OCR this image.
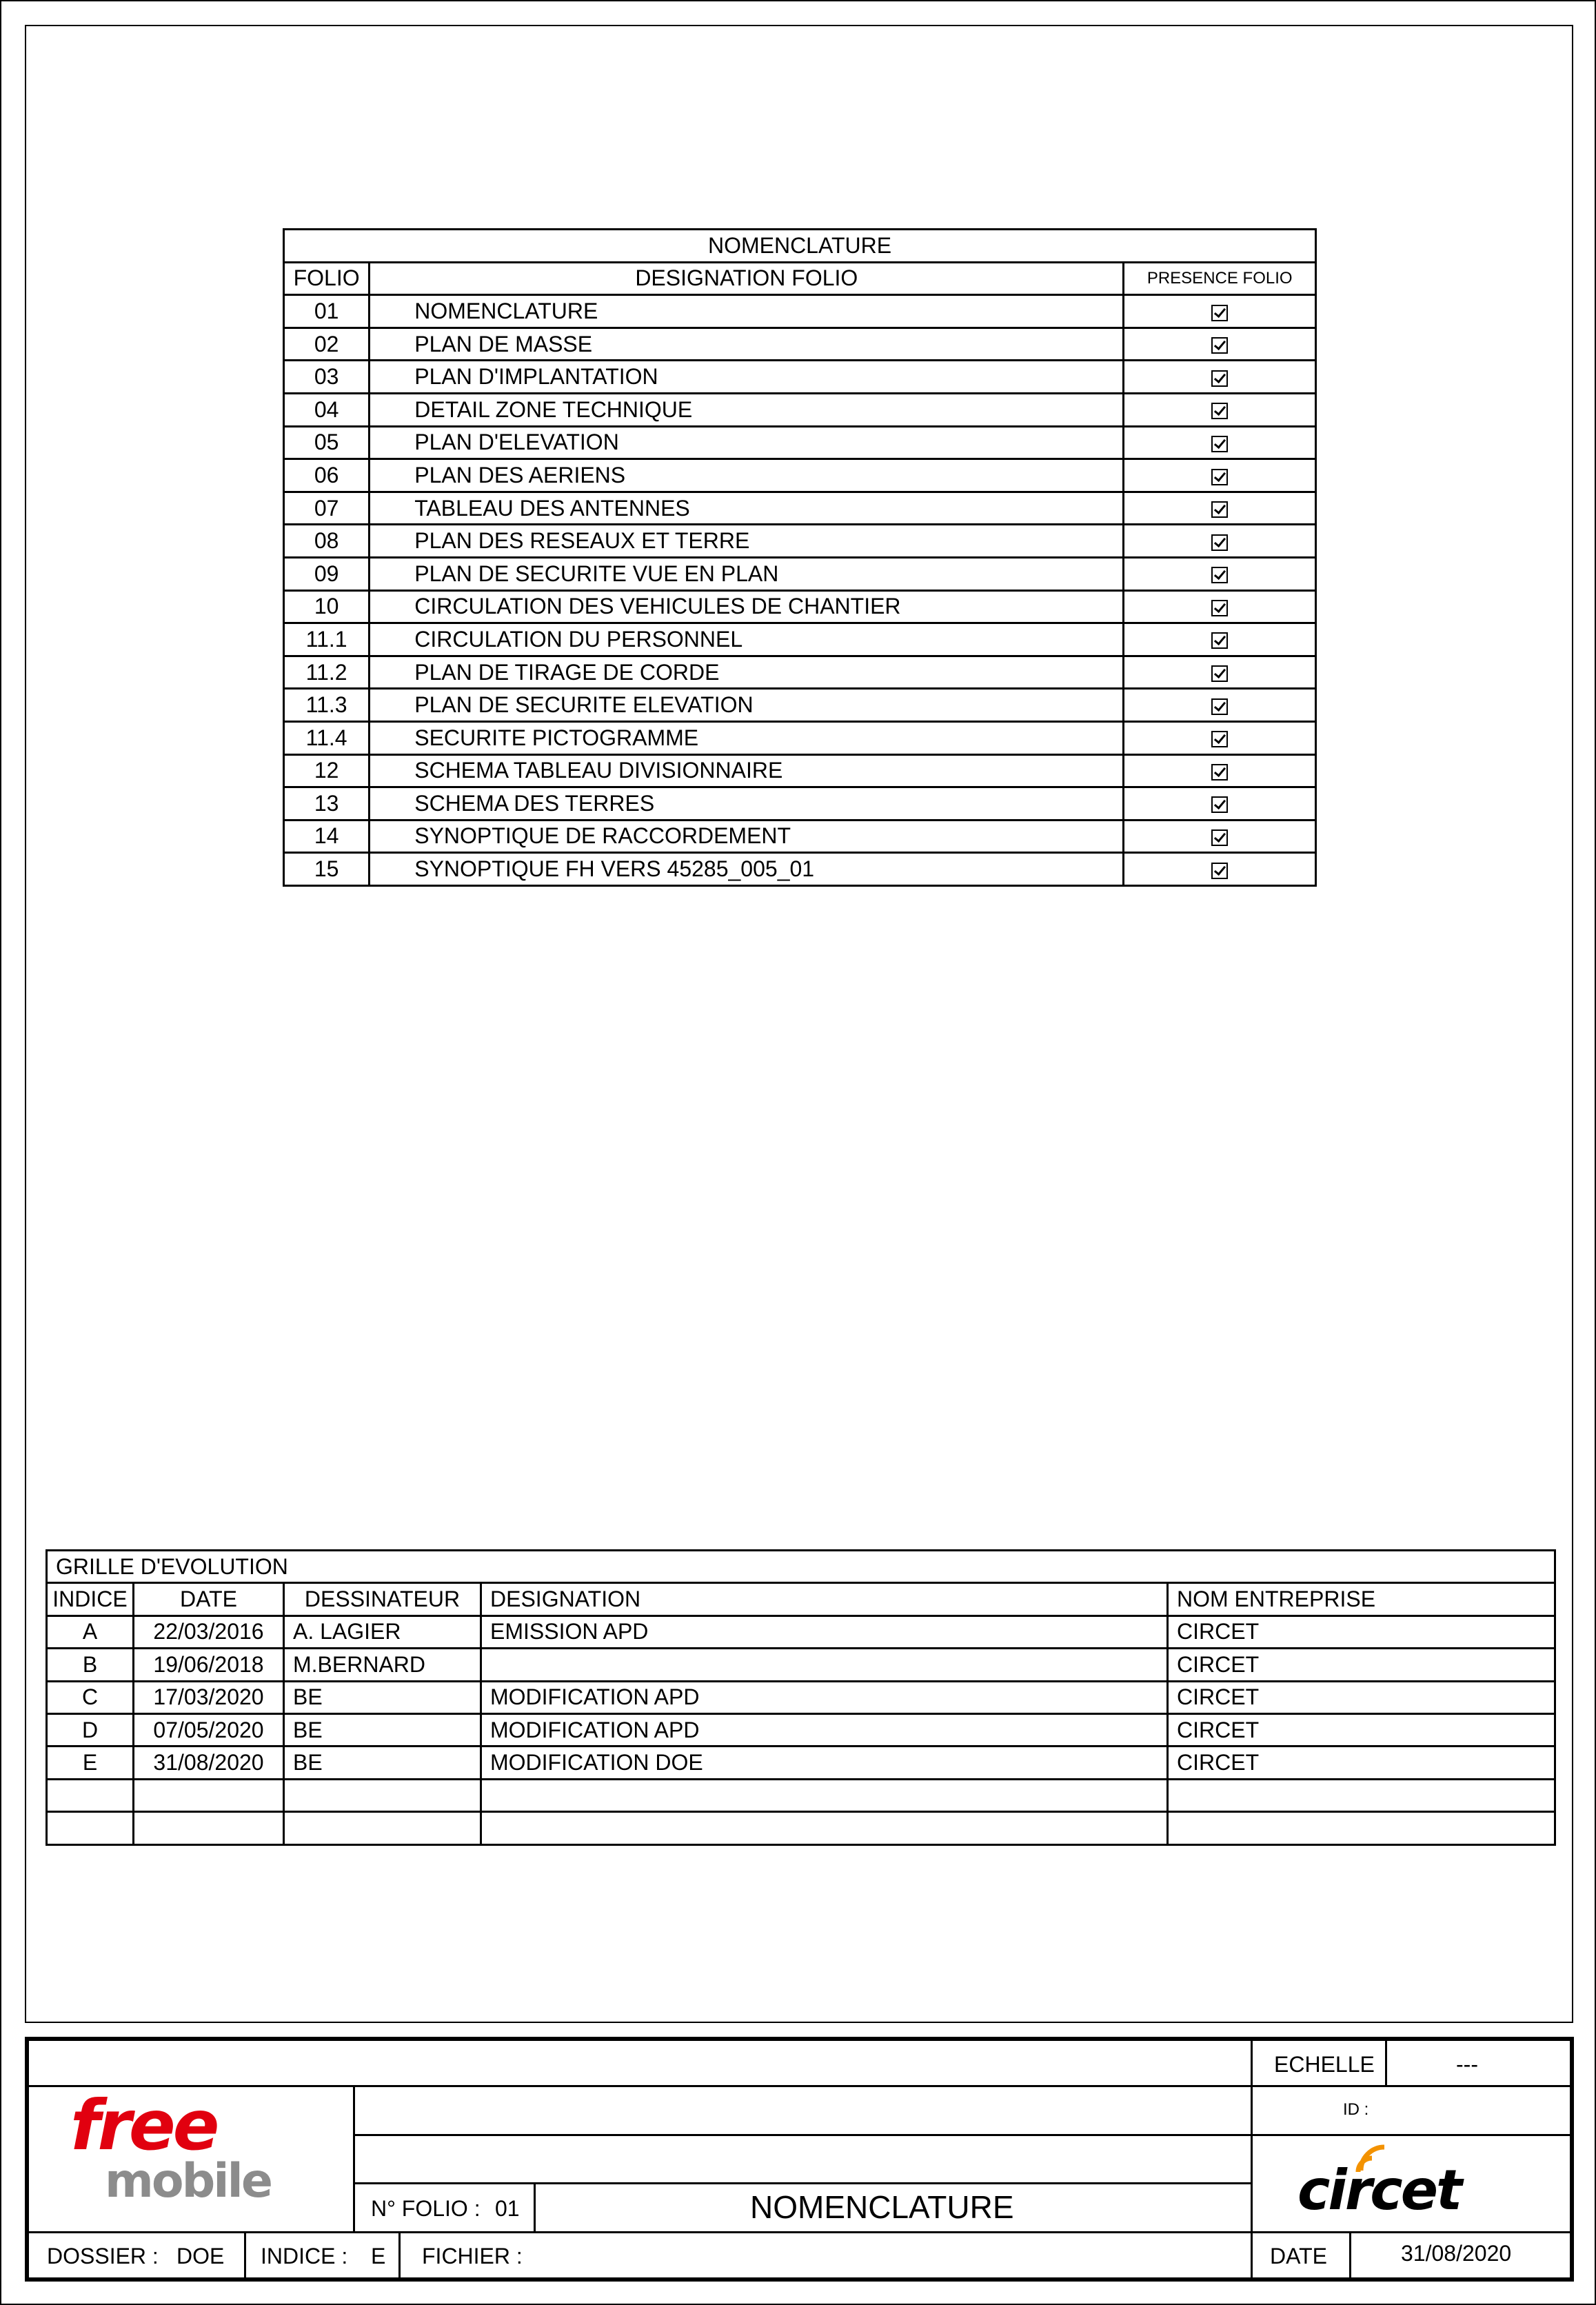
NOMENCLATURE		
FOLIO	DESIGNATION FOLIO	PRESENCE FOLIO
01	NOMENCLATURE	
02	PLAN DE MASSE	
03	PLAN D'IMPLANTATION	
04	DETAIL ZONE TECHNIQUE	
05	PLAN D'ELEVATION	
06	PLAN DES AERIENS	
07	TABLEAU DES ANTENNES	
08	PLAN DES RESEAUX ET TERRE	
09	PLAN DE SECURITE VUE EN PLAN	
10	CIRCULATION DES VEHICULES DE CHANTIER	
11.1	CIRCULATION DU PERSONNEL	
11.2	PLAN DE TIRAGE DE CORDE	
11.3	PLAN DE SECURITE ELEVATION	
11.4	SECURITE PICTOGRAMME	
12	SCHEMA TABLEAU DIVISIONNAIRE	
13	SCHEMA DES TERRES	
14	SYNOPTIQUE DE RACCORDEMENT	
15	SYNOPTIQUE FH VERS 45285_005_01	
GRILLE D'EVOLUTION				
INDICE	DATE	DESSINATEUR	DESIGNATION	NOM ENTREPRISE
A	22/03/2016	A. LAGIER	EMISSION APD	CIRCET
B	19/06/2018	M.BERNARD		CIRCET
C	17/03/2020	BE	MODIFICATION APD	CIRCET
D	07/05/2020	BE	MODIFICATION APD	CIRCET
E	31/08/2020	BE	MODIFICATION DOE	CIRCET

ECHELLE	---
ID :
N° FOLIO : 01	NOMENCLATURE
DOSSIER : DOE INDICE : E FICHIER :	DATE	31/08/2020
free
mobile	circet
